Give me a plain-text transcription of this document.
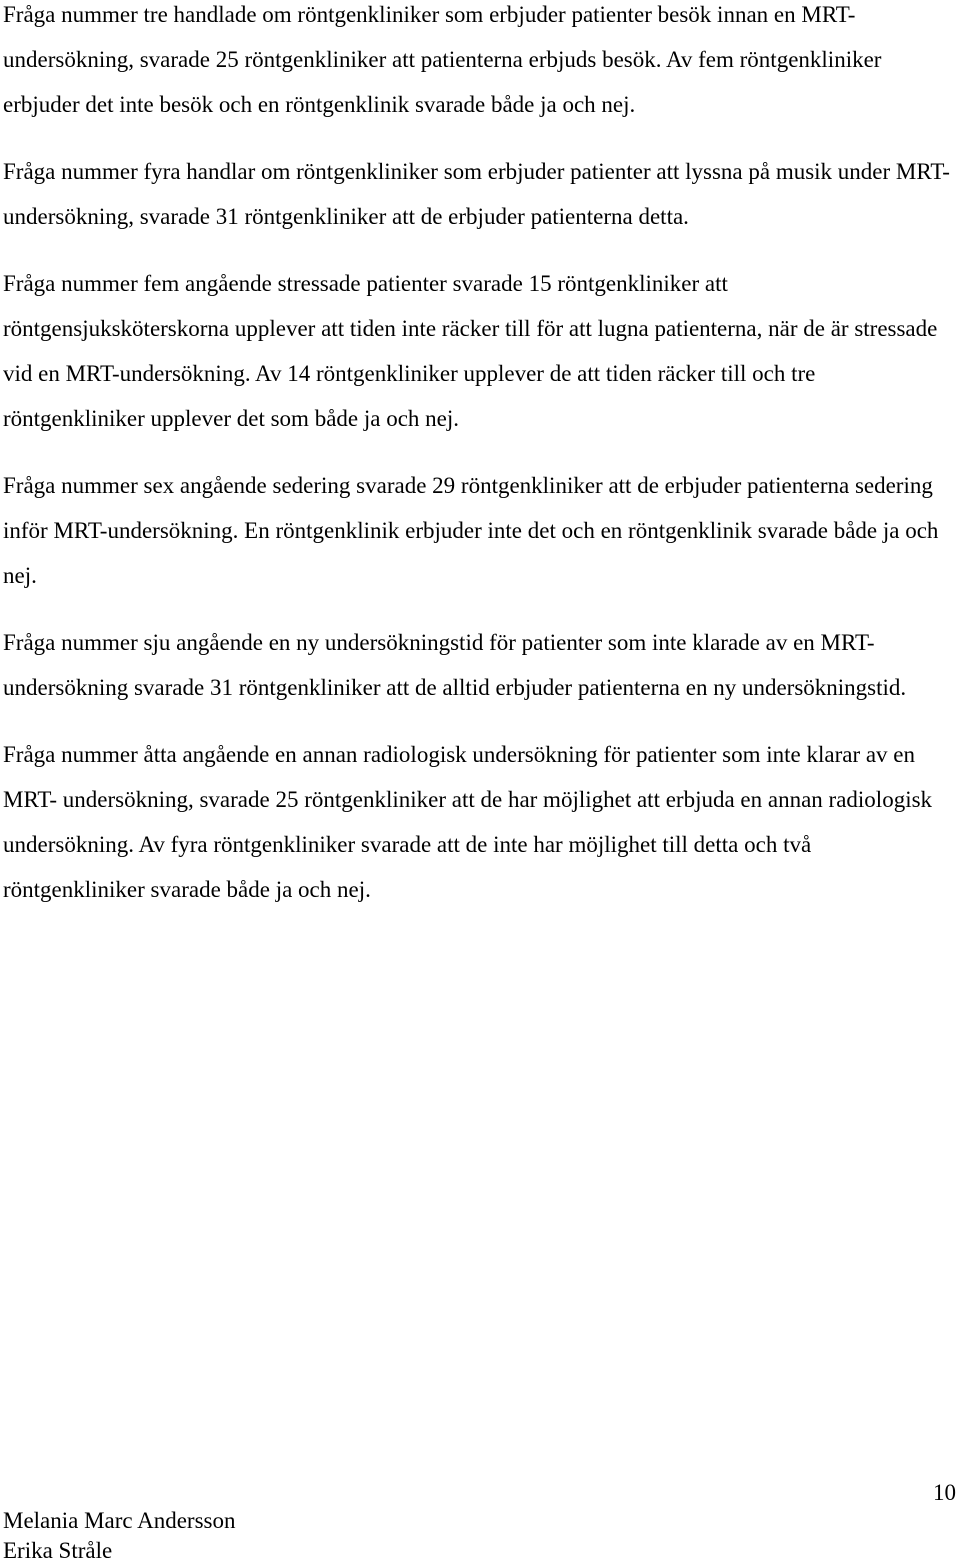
Fråga nummer tre handlade om röntgenkliniker som erbjuder patienter besök innan en MRT-undersökning, svarade 25 röntgenkliniker att patienterna erbjuds besök. Av fem röntgenkliniker erbjuder det inte besök och en röntgenklinik svarade både ja och nej.

Fråga nummer fyra handlar om röntgenkliniker som erbjuder patienter att lyssna på musik under MRT-undersökning, svarade 31 röntgenkliniker att de erbjuder patienterna detta.

Fråga nummer fem angående stressade patienter svarade 15 röntgenkliniker att röntgensjuksköterskorna upplever att tiden inte räcker till för att lugna patienterna, när de är stressade vid en MRT-undersökning. Av 14 röntgenkliniker upplever de att tiden räcker till och tre röntgenkliniker upplever det som både ja och nej.

Fråga nummer sex angående sedering svarade 29 röntgenkliniker att de erbjuder patienterna sedering inför MRT-undersökning. En röntgenklinik erbjuder inte det och en röntgenklinik svarade både ja och nej.

Fråga nummer sju angående en ny undersökningstid för patienter som inte klarade av en MRT-undersökning svarade 31 röntgenkliniker att de alltid erbjuder patienterna en ny undersökningstid.

Fråga nummer åtta angående en annan radiologisk undersökning för patienter som inte klarar av en MRT- undersökning, svarade 25 röntgenkliniker att de har möjlighet att erbjuda en annan radiologisk undersökning. Av fyra röntgenkliniker svarade att de inte har möjlighet till detta och två röntgenkliniker svarade både ja och nej.

10
Melania Marc Andersson
Erika Stråle
